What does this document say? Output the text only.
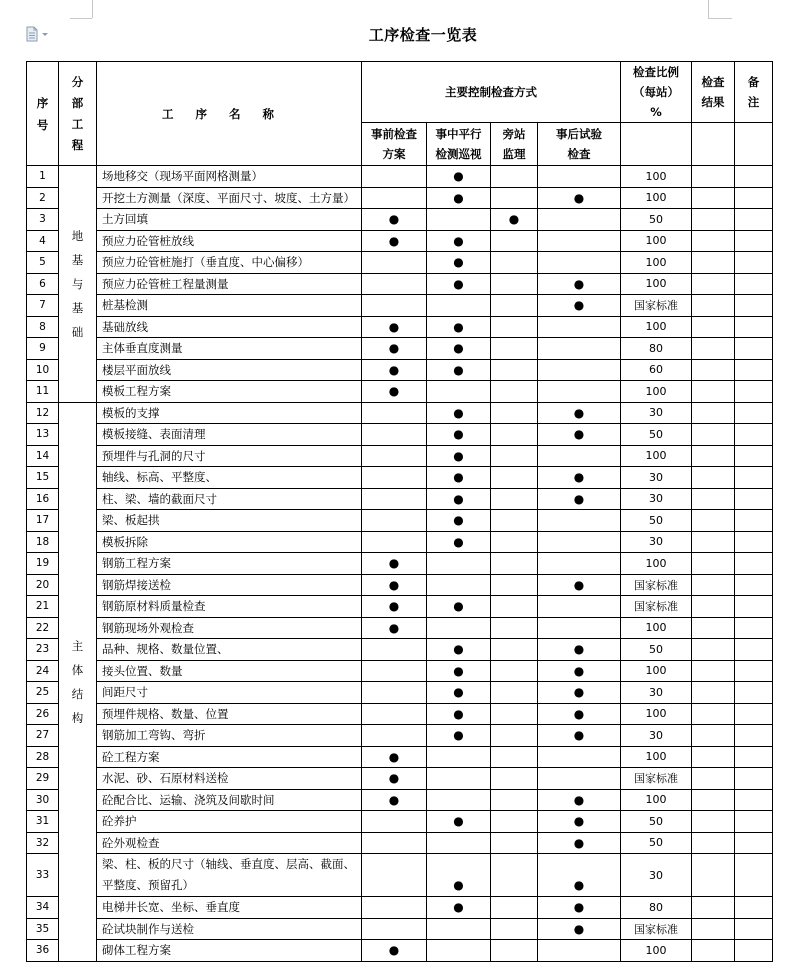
工序检查一览表
序号	分部工程	工序名称	主要控制检查方式				检查比例（每站）%	检查结果	备注
			事前检查方案	事中平行检测巡视	旁站监理	事后试验检查			
1	地基与基础	场地移交（现场平面网格测量）		●			100		
2		开挖土方测量（深度、平面尺寸、坡度、土方量）		●		●	100		
3		土方回填	●		●		50		
4		预应力砼管桩放线	●	●			100		
5		预应力砼管桩施打（垂直度、中心偏移）		●			100		
6		预应力砼管桩工程量测量		●		●	100		
7		桩基检测				●	国家标准		
8		基础放线	●	●			100		
9		主体垂直度测量	●	●			80		
10		楼层平面放线	●	●			60		
11		模板工程方案	●				100		
12	主体结构	模板的支撑		●		●	30		
13		模板接缝、表面清理		●		●	50		
14		预埋件与孔洞的尺寸		●			100		
15		轴线、标高、平整度、		●		●	30		
16		柱、梁、墙的截面尺寸		●		●	30		
17		梁、板起拱		●			50		
18		模板拆除		●			30		
19		钢筋工程方案	●				100		
20		钢筋焊接送检	●			●	国家标准		
21		钢筋原材料质量检查	●	●			国家标准		
22		钢筋现场外观检查	●				100		
23		品种、规格、数量位置、		●		●	50		
24		接头位置、数量		●		●	100		
25		间距尺寸		●		●	30		
26		预埋件规格、数量、位置		●		●	100		
27		钢筋加工弯钩、弯折		●		●	30		
28		砼工程方案	●				100		
29		水泥、砂、石原材料送检	●				国家标准		
30		砼配合比、运输、浇筑及间歇时间	●			●	100		
31		砼养护		●		●	50		
32		砼外观检查				●	50		
33		梁、柱、板的尺寸（轴线、垂直度、层高、截面、平整度、预留孔）		●		●	30		
34		电梯井长宽、坐标、垂直度		●		●	80		
35		砼试块制作与送检				●	国家标准		
36		砌体工程方案	●				100		
